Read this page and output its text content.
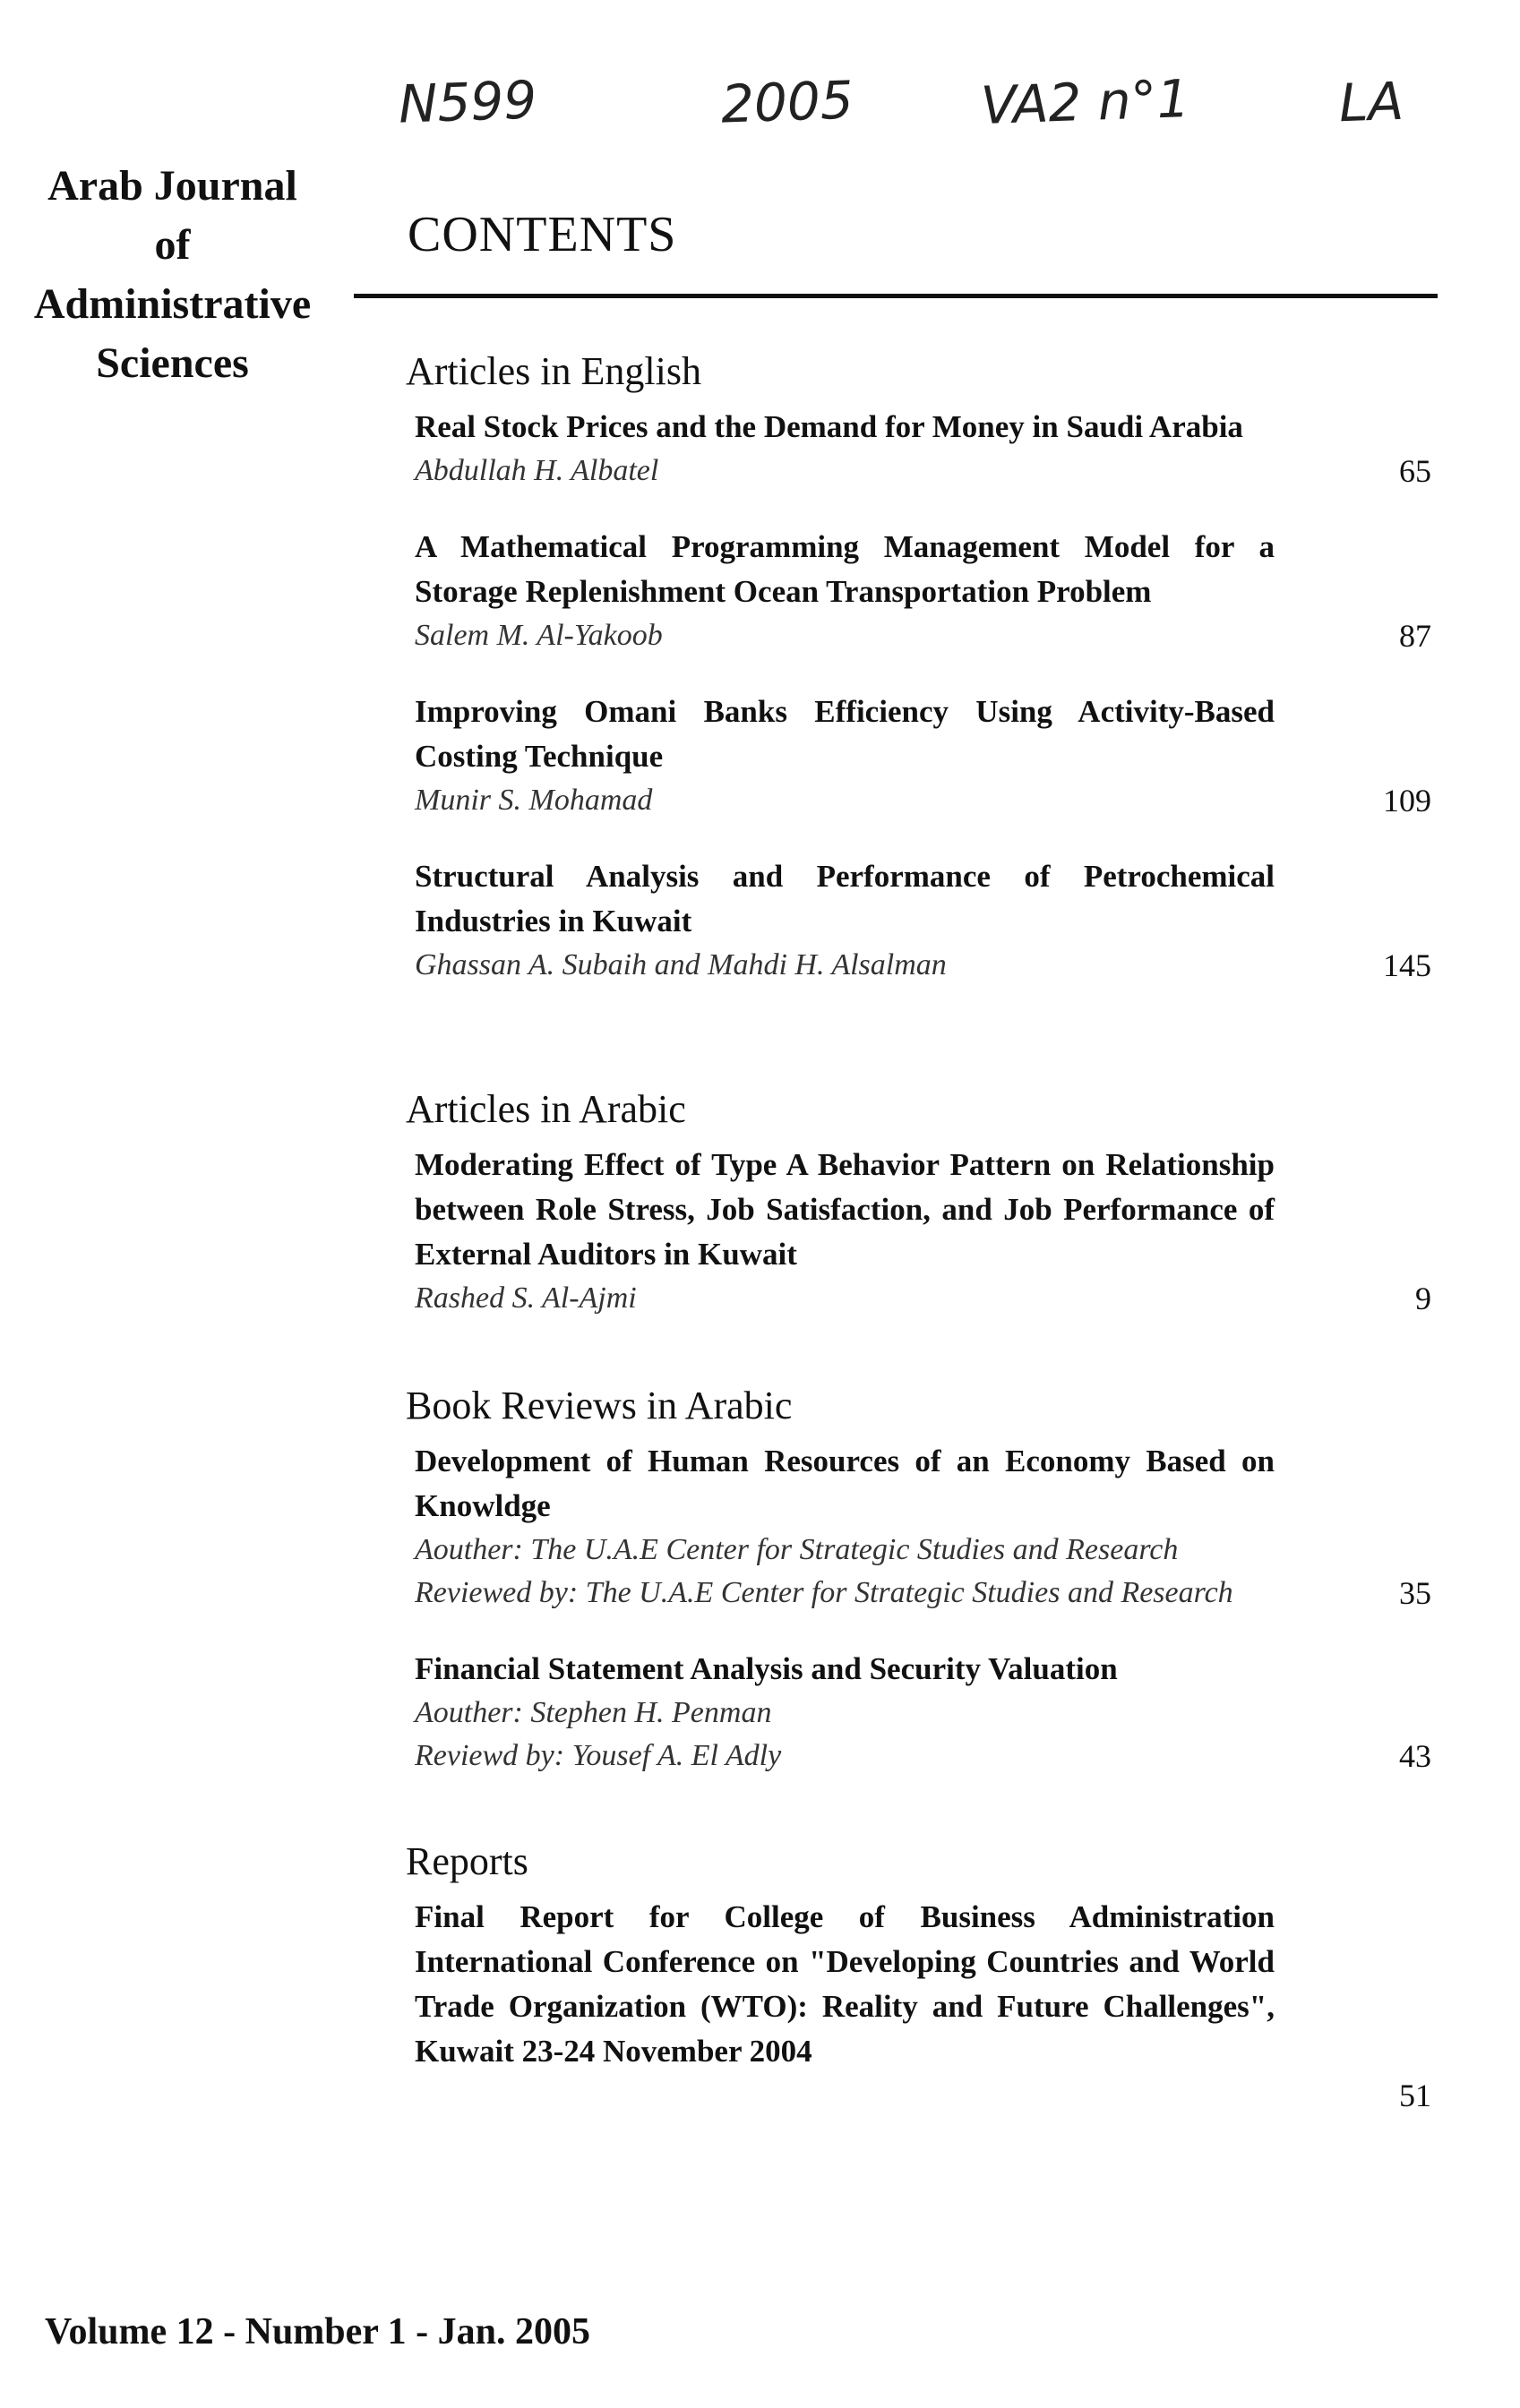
Arab Journal
of
Administrative
Sciences
N599	2005 VA2 n°1	LA
CONTENTS
Articles in English
Real Stock Prices and the Demand for Money in Saudi Arabia
Abdullah H. Albatel	65
A Mathematical Programming Management Model for a Storage Replenishment Ocean Transportation Problem
Salem M. Al-Yakoob	87
Improving Omani Banks Efficiency Using Activity-Based Costing Technique
Munir S. Mohamad	109
Structural Analysis and Performance of Petrochemical Industries in Kuwait
Ghassan A. Subaih and Mahdi H. Alsalman	145
Articles in Arabic
Moderating Effect of Type A Behavior Pattern on Relationship between Role Stress, Job Satisfaction, and Job Performance of External Auditors in Kuwait
Rashed S. Al-Ajmi	9
Book Reviews in Arabic
Development of Human Resources of an Economy Based on Knowldge
Aouther: The U.A.E Center for Strategic Studies and Research
Reviewed by: The U.A.E Center for Strategic Studies and Research	35
Financial Statement Analysis and Security Valuation
Aouther: Stephen H. Penman
Reviewd by: Yousef A. El Adly	43
Reports
Final Report for College of Business Administration International Conference on "Developing Countries and World Trade Organization (WTO): Reality and Future Challenges", Kuwait 23-24 November 2004
51
Volume 12 - Number 1 - Jan. 2005
